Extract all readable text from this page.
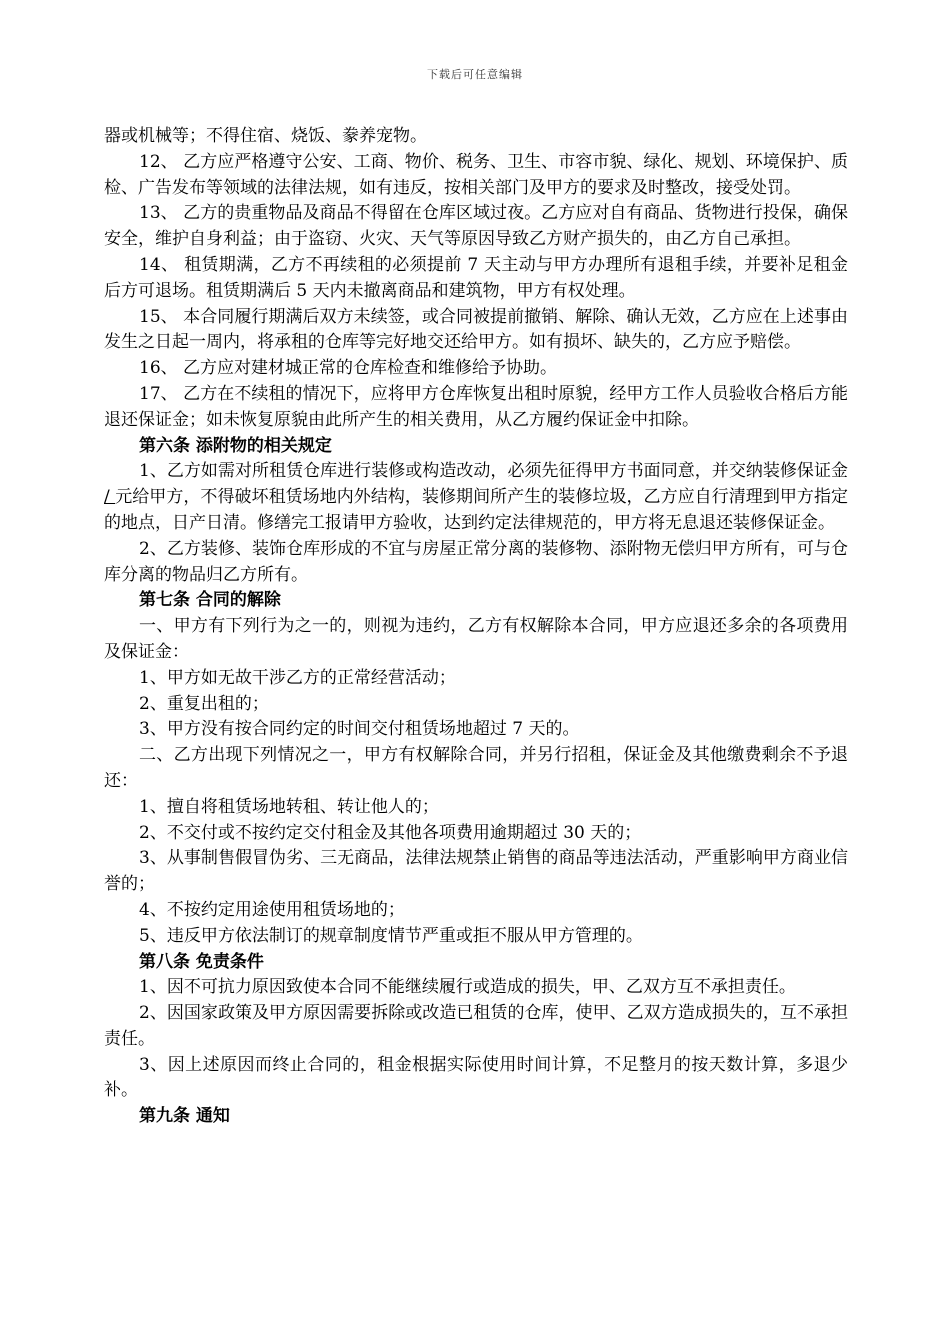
下载后可任意编辑

器或机械等；不得住宿、烧饭、豢养宠物。

12、 乙方应严格遵守公安、工商、物价、税务、卫生、市容市貌、绿化、规划、环境保护、质检、广告发布等领域的法律法规，如有违反，按相关部门及甲方的要求及时整改，接受处罚。

13、 乙方的贵重物品及商品不得留在仓库区域过夜。乙方应对自有商品、货物进行投保，确保安全，维护自身利益；由于盗窃、火灾、天气等原因导致乙方财产损失的，由乙方自己承担。

14、 租赁期满，乙方不再续租的必须提前 7 天主动与甲方办理所有退租手续，并要补足租金后方可退场。租赁期满后 5 天内未撤离商品和建筑物，甲方有权处理。

15、 本合同履行期满后双方未续签，或合同被提前撤销、解除、确认无效，乙方应在上述事由发生之日起一周内，将承租的仓库等完好地交还给甲方。如有损坏、缺失的，乙方应予赔偿。

16、 乙方应对建材城正常的仓库检查和维修给予协助。

17、 乙方在不续租的情况下，应将甲方仓库恢复出租时原貌，经甲方工作人员验收合格后方能退还保证金；如未恢复原貌由此所产生的相关费用，从乙方履约保证金中扣除。

第六条 添附物的相关规定

1、乙方如需对所租赁仓库进行装修或构造改动，必须先征得甲方书面同意，并交纳装修保证金 / 元给甲方，不得破坏租赁场地内外结构，装修期间所产生的装修垃圾，乙方应自行清理到甲方指定的地点，日产日清。修缮完工报请甲方验收，达到约定法律规范的，甲方将无息退还装修保证金。

2、乙方装修、装饰仓库形成的不宜与房屋正常分离的装修物、添附物无偿归甲方所有，可与仓库分离的物品归乙方所有。

第七条 合同的解除

一、甲方有下列行为之一的，则视为违约，乙方有权解除本合同，甲方应退还多余的各项费用及保证金：

1、甲方如无故干涉乙方的正常经营活动；

2、重复出租的；

3、甲方没有按合同约定的时间交付租赁场地超过 7 天的。

二、乙方出现下列情况之一，甲方有权解除合同，并另行招租，保证金及其他缴费剩余不予退还：

1、擅自将租赁场地转租、转让他人的；

2、不交付或不按约定交付租金及其他各项费用逾期超过 30 天的；

3、从事制售假冒伪劣、三无商品，法律法规禁止销售的商品等违法活动，严重影响甲方商业信誉的；

4、不按约定用途使用租赁场地的；

5、违反甲方依法制订的规章制度情节严重或拒不服从甲方管理的。

第八条 免责条件

1、因不可抗力原因致使本合同不能继续履行或造成的损失，甲、乙双方互不承担责任。

2、因国家政策及甲方原因需要拆除或改造已租赁的仓库，使甲、乙双方造成损失的，互不承担责任。

3、因上述原因而终止合同的，租金根据实际使用时间计算，不足整月的按天数计算，多退少补。

第九条 通知
